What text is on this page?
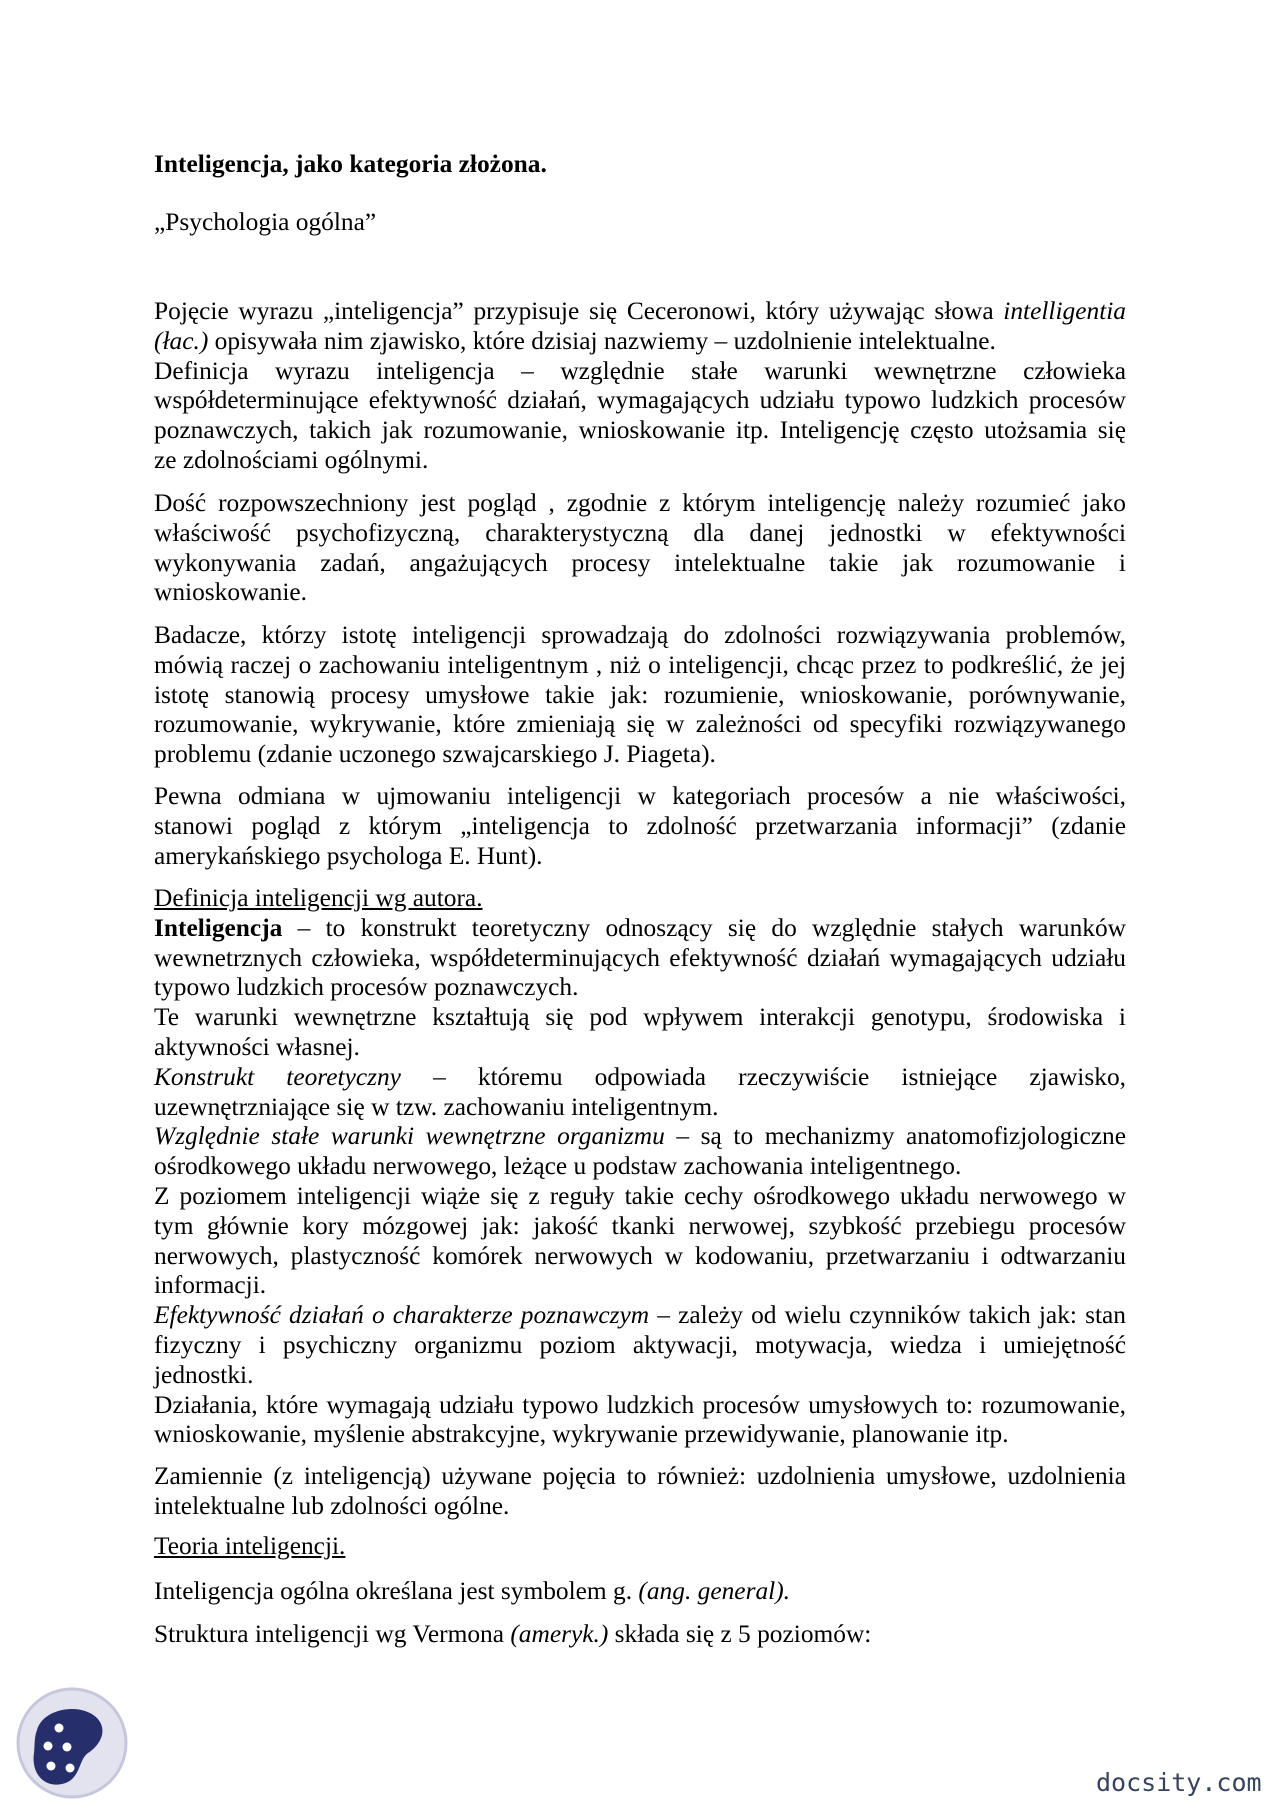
Inteligencja, jako kategoria złożona.
„Psychologia ogólna”
Pojęcie wyrazu „inteligencja” przypisuje się Ceceronowi, który używając słowa intelligentia
(łac.) opisywała nim zjawisko, które dzisiaj nazwiemy – uzdolnienie intelektualne.
Definicja wyrazu inteligencja – względnie stałe warunki wewnętrzne człowieka
współdeterminujące efektywność działań, wymagających udziału typowo ludzkich procesów
poznawczych, takich jak rozumowanie, wnioskowanie itp. Inteligencję często utożsamia się
ze zdolnościami ogólnymi.
Dość rozpowszechniony jest pogląd , zgodnie z którym inteligencję należy rozumieć jako
właściwość psychofizyczną, charakterystyczną dla danej jednostki w efektywności
wykonywania zadań, angażujących procesy intelektualne takie jak rozumowanie i
wnioskowanie.
Badacze, którzy istotę inteligencji sprowadzają do zdolności rozwiązywania problemów,
mówią raczej o zachowaniu inteligentnym , niż o inteligencji, chcąc przez to podkreślić, że jej
istotę stanowią procesy umysłowe takie jak: rozumienie, wnioskowanie, porównywanie,
rozumowanie, wykrywanie, które zmieniają się w zależności od specyfiki rozwiązywanego
problemu (zdanie uczonego szwajcarskiego J. Piageta).
Pewna odmiana w ujmowaniu inteligencji w kategoriach procesów a nie właściwości,
stanowi pogląd z którym „inteligencja to zdolność przetwarzania informacji” (zdanie
amerykańskiego psychologa E. Hunt).
Definicja inteligencji wg autora.
Inteligencja – to konstrukt teoretyczny odnoszący się do względnie stałych warunków
wewnetrznych człowieka, współdeterminujących efektywność działań wymagających udziału
typowo ludzkich procesów poznawczych.
Te warunki wewnętrzne kształtują się pod wpływem interakcji genotypu, środowiska i
aktywności własnej.
Konstrukt teoretyczny – któremu odpowiada rzeczywiście istniejące zjawisko,
uzewnętrzniające się w tzw. zachowaniu inteligentnym.
Względnie stałe warunki wewnętrzne organizmu – są to mechanizmy anatomofizjologiczne
ośrodkowego układu nerwowego, leżące u podstaw zachowania inteligentnego.
Z poziomem inteligencji wiąże się z reguły takie cechy ośrodkowego układu nerwowego w
tym głównie kory mózgowej jak: jakość tkanki nerwowej, szybkość przebiegu procesów
nerwowych, plastyczność komórek nerwowych w kodowaniu, przetwarzaniu i odtwarzaniu
informacji.
Efektywność działań o charakterze poznawczym – zależy od wielu czynników takich jak: stan
fizyczny i psychiczny organizmu poziom aktywacji, motywacja, wiedza i umiejętność
jednostki.
Działania, które wymagają udziału typowo ludzkich procesów umysłowych to: rozumowanie,
wnioskowanie, myślenie abstrakcyjne, wykrywanie przewidywanie, planowanie itp.
Zamiennie (z inteligencją) używane pojęcia to również: uzdolnienia umysłowe, uzdolnienia
intelektualne lub zdolności ogólne.
Teoria inteligencji.
Inteligencja ogólna określana jest symbolem g. (ang. general).
Struktura inteligencji wg Vermona (ameryk.) składa się z 5 poziomów:
docsity.com
